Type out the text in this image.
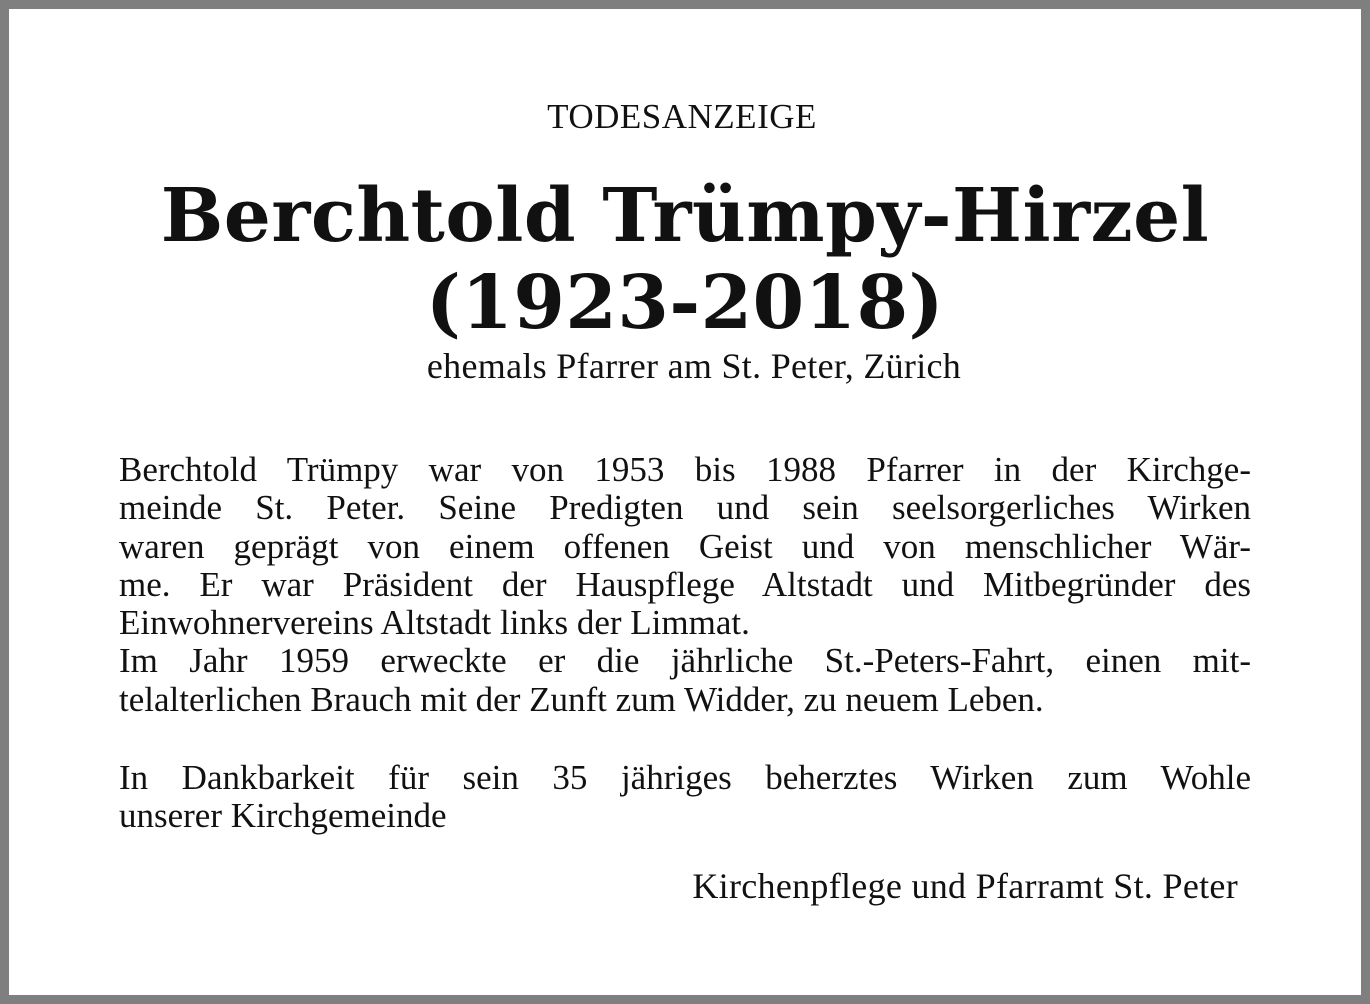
TODESANZEIGE
Berchtold Trümpy-Hirzel
(1923-2018)
ehemals Pfarrer am St. Peter, Zürich
Berchtold Trümpy war von 1953 bis 1988 Pfarrer in der Kirchge-
meinde St. Peter. Seine Predigten und sein seelsorgerliches Wirken
waren geprägt von einem offenen Geist und von menschlicher Wär-
me. Er war Präsident der Hauspflege Altstadt und Mitbegründer des
Einwohnervereins Altstadt links der Limmat.
Im Jahr 1959 erweckte er die jährliche St.-Peters-Fahrt, einen mit-
telalterlichen Brauch mit der Zunft zum Widder, zu neuem Leben.
In Dankbarkeit für sein 35 jähriges beherztes Wirken zum Wohle
unserer Kirchgemeinde
Kirchenpflege und Pfarramt St. Peter
